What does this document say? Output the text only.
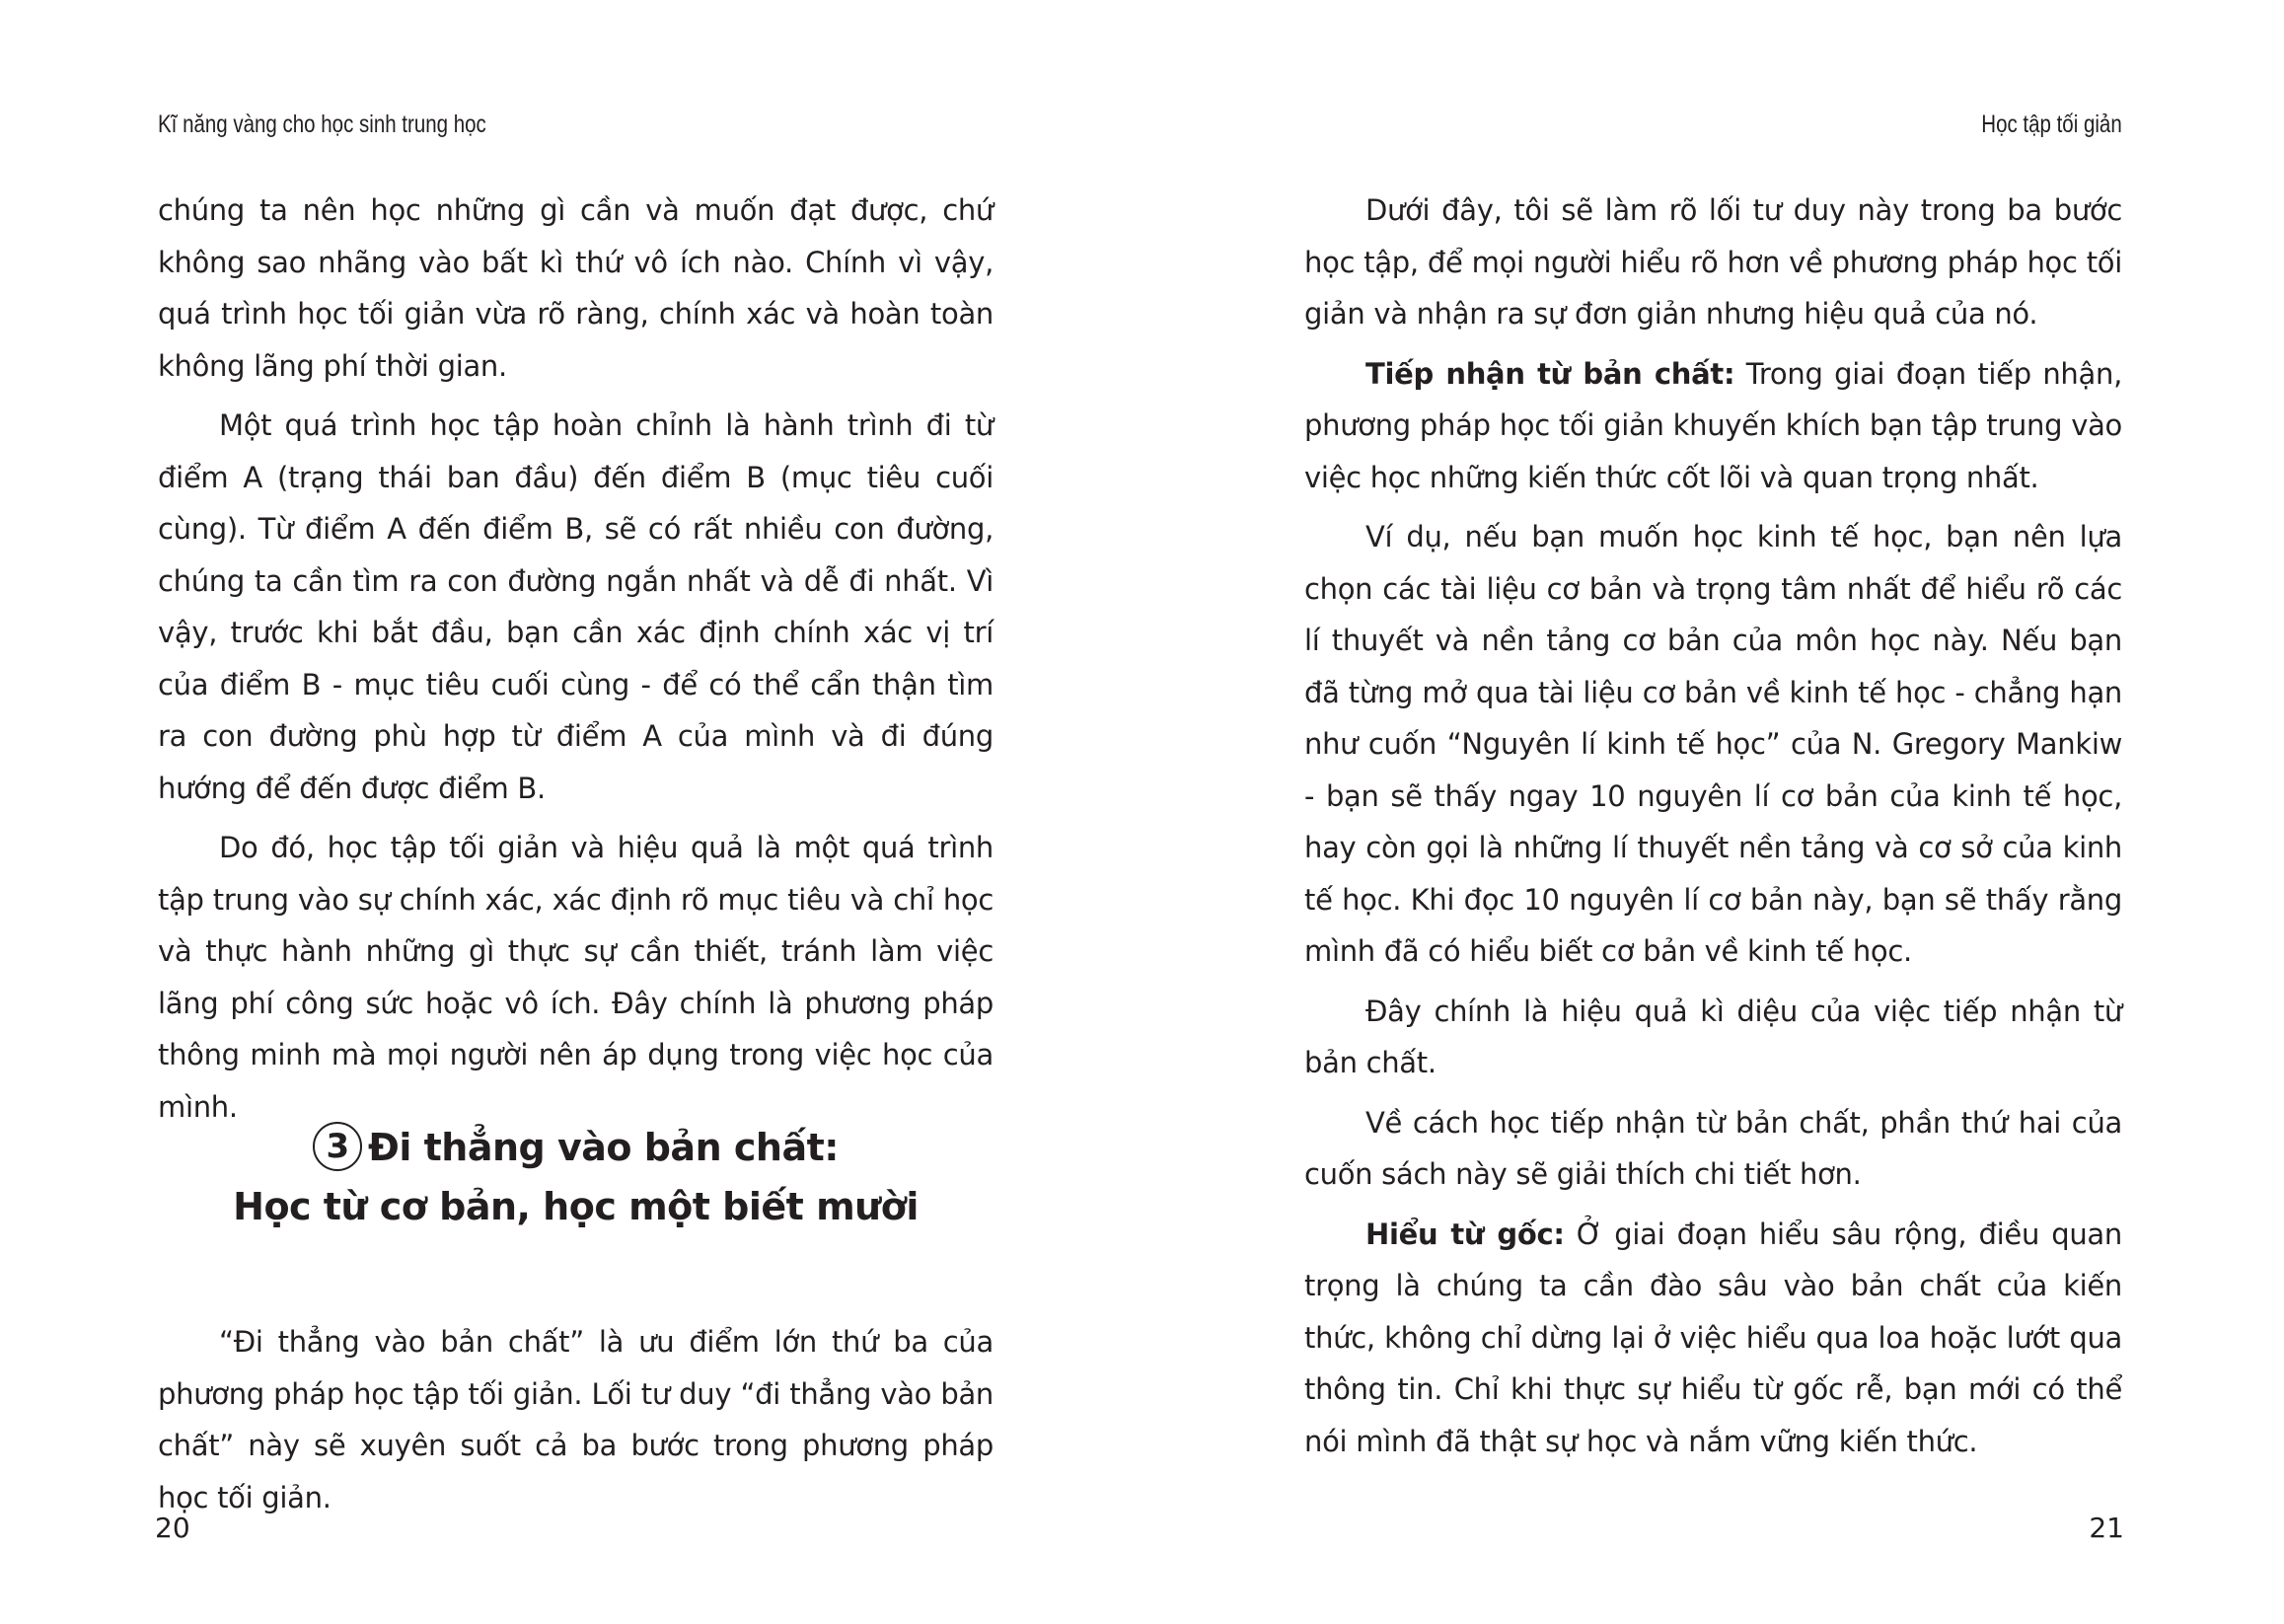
Kĩ năng vàng cho học sinh trung học

chúng ta nên học những gì cần và muốn đạt được, chứ không sao nhãng vào bất kì thứ vô ích nào. Chính vì vậy, quá trình học tối giản vừa rõ ràng, chính xác và hoàn toàn không lãng phí thời gian.

Một quá trình học tập hoàn chỉnh là hành trình đi từ điểm A (trạng thái ban đầu) đến điểm B (mục tiêu cuối cùng). Từ điểm A đến điểm B, sẽ có rất nhiều con đường, chúng ta cần tìm ra con đường ngắn nhất và dễ đi nhất. Vì vậy, trước khi bắt đầu, bạn cần xác định chính xác vị trí của điểm B - mục tiêu cuối cùng - để có thể cẩn thận tìm ra con đường phù hợp từ điểm A của mình và đi đúng hướng để đến được điểm B.

Do đó, học tập tối giản và hiệu quả là một quá trình tập trung vào sự chính xác, xác định rõ mục tiêu và chỉ học và thực hành những gì thực sự cần thiết, tránh làm việc lãng phí công sức hoặc vô ích. Đây chính là phương pháp thông minh mà mọi người nên áp dụng trong việc học của mình.

3 Đi thẳng vào bản chất:
Học từ cơ bản, học một biết mười

“Đi thẳng vào bản chất” là ưu điểm lớn thứ ba của phương pháp học tập tối giản. Lối tư duy “đi thẳng vào bản chất” này sẽ xuyên suốt cả ba bước trong phương pháp học tối giản.

20
Học tập tối giản

Dưới đây, tôi sẽ làm rõ lối tư duy này trong ba bước học tập, để mọi người hiểu rõ hơn về phương pháp học tối giản và nhận ra sự đơn giản nhưng hiệu quả của nó.

Tiếp nhận từ bản chất: Trong giai đoạn tiếp nhận, phương pháp học tối giản khuyến khích bạn tập trung vào việc học những kiến thức cốt lõi và quan trọng nhất.

Ví dụ, nếu bạn muốn học kinh tế học, bạn nên lựa chọn các tài liệu cơ bản và trọng tâm nhất để hiểu rõ các lí thuyết và nền tảng cơ bản của môn học này. Nếu bạn đã từng mở qua tài liệu cơ bản về kinh tế học - chẳng hạn như cuốn “Nguyên lí kinh tế học” của N. Gregory Mankiw - bạn sẽ thấy ngay 10 nguyên lí cơ bản của kinh tế học, hay còn gọi là những lí thuyết nền tảng và cơ sở của kinh tế học. Khi đọc 10 nguyên lí cơ bản này, bạn sẽ thấy rằng mình đã có hiểu biết cơ bản về kinh tế học.

Đây chính là hiệu quả kì diệu của việc tiếp nhận từ bản chất.

Về cách học tiếp nhận từ bản chất, phần thứ hai của cuốn sách này sẽ giải thích chi tiết hơn.

Hiểu từ gốc: Ở giai đoạn hiểu sâu rộng, điều quan trọng là chúng ta cần đào sâu vào bản chất của kiến thức, không chỉ dừng lại ở việc hiểu qua loa hoặc lướt qua thông tin. Chỉ khi thực sự hiểu từ gốc rễ, bạn mới có thể nói mình đã thật sự học và nắm vững kiến thức.

21
